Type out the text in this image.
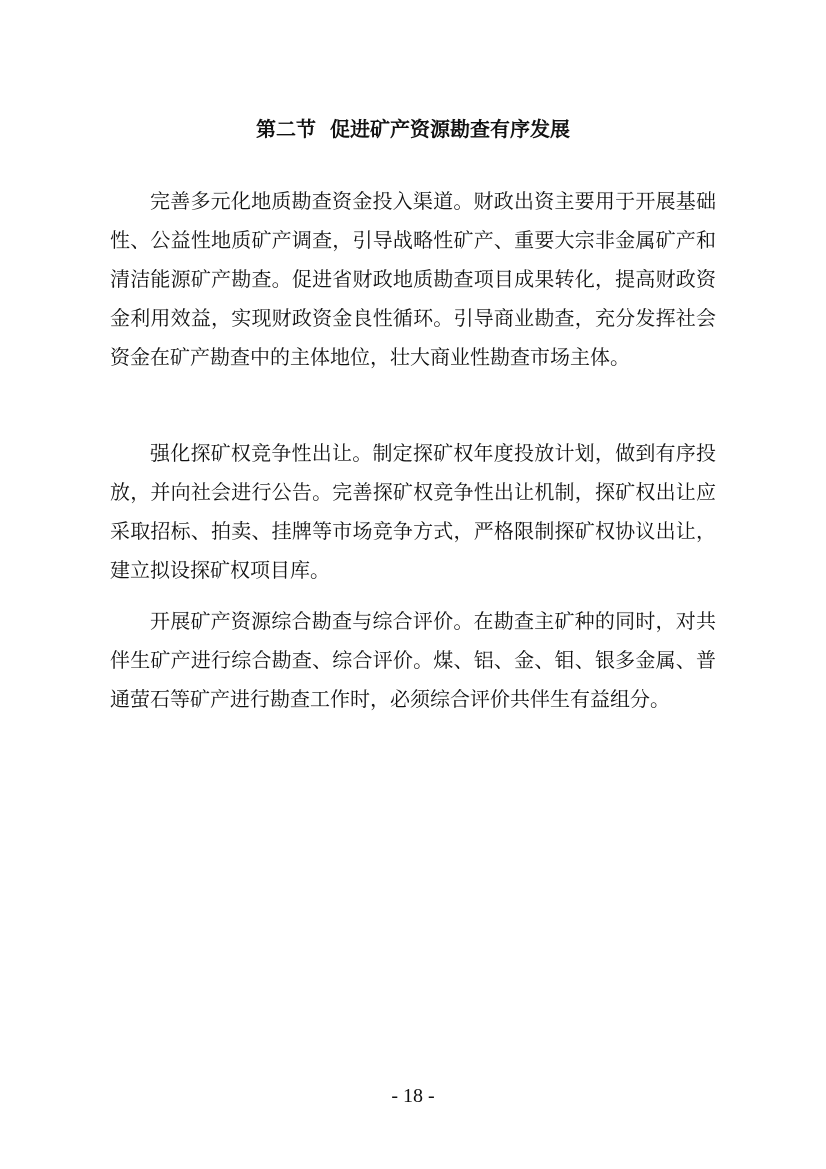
第二节  促进矿产资源勘查有序发展

完善多元化地质勘查资金投入渠道。财政出资主要用于开展基础性、公益性地质矿产调查，引导战略性矿产、重要大宗非金属矿产和清洁能源矿产勘查。促进省财政地质勘查项目成果转化，提高财政资金利用效益，实现财政资金良性循环。引导商业勘查，充分发挥社会资金在矿产勘查中的主体地位，壮大商业性勘查市场主体。

强化探矿权竞争性出让。制定探矿权年度投放计划，做到有序投放，并向社会进行公告。完善探矿权竞争性出让机制，探矿权出让应采取招标、拍卖、挂牌等市场竞争方式，严格限制探矿权协议出让，建立拟设探矿权项目库。

开展矿产资源综合勘查与综合评价。在勘查主矿种的同时，对共伴生矿产进行综合勘查、综合评价。煤、铝、金、钼、银多金属、普通萤石等矿产进行勘查工作时，必须综合评价共伴生有益组分。

- 18 -
